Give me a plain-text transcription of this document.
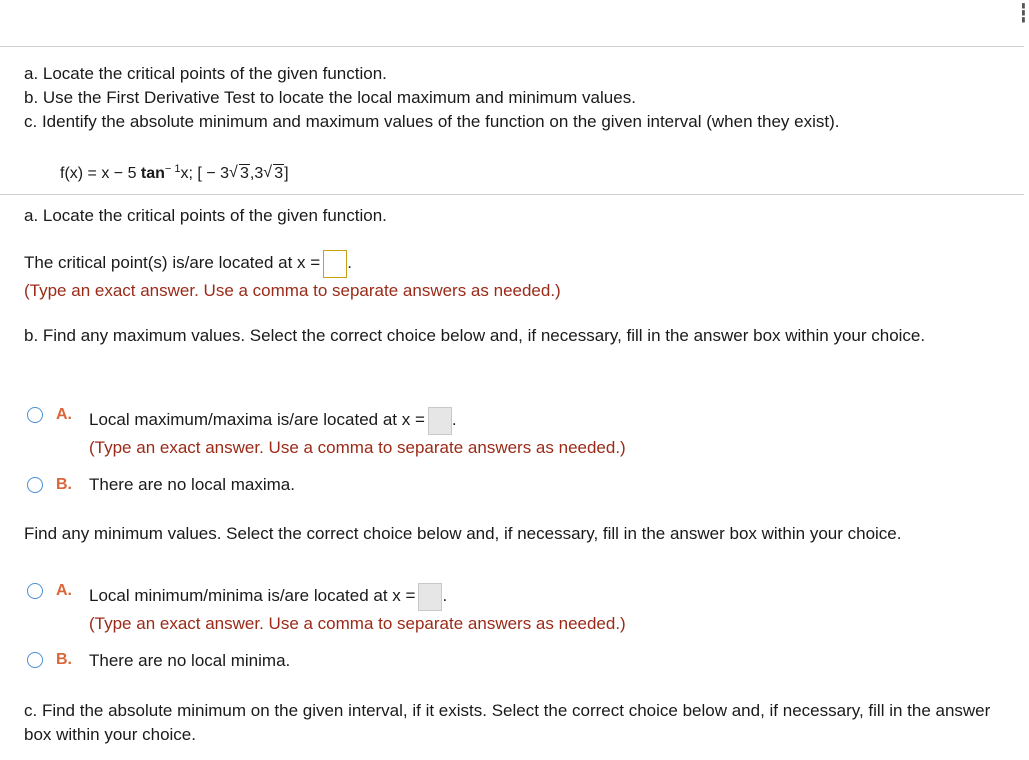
┇
a. Locate the critical points of the given function.
b. Use the First Derivative Test to locate the local maximum and minimum values.
c. Identify the absolute minimum and maximum values of the function on the given interval (when they exist).
f(x) = x − 5 $\tan^{- 1}x$; [ − 3 √ 3,3 √ 3]
a. Locate the critical points of the given function.
The critical point(s) is/are located at x = .
(Type an exact answer. Use a comma to separate answers as needed.)
b. Find any maximum values. Select the correct choice below and, if necessary, fill in the answer box within your choice.
A. Local maximum/maxima is/are located at x = .
(Type an exact answer. Use a comma to separate answers as needed.)
B. There are no local maxima.
Find any minimum values. Select the correct choice below and, if necessary, fill in the answer box within your choice.
A. Local minimum/minima is/are located at x = .
(Type an exact answer. Use a comma to separate answers as needed.)
B. There are no local minima.
c. Find the absolute minimum on the given interval, if it exists. Select the correct choice below and, if necessary, fill in the answer box within your choice.
